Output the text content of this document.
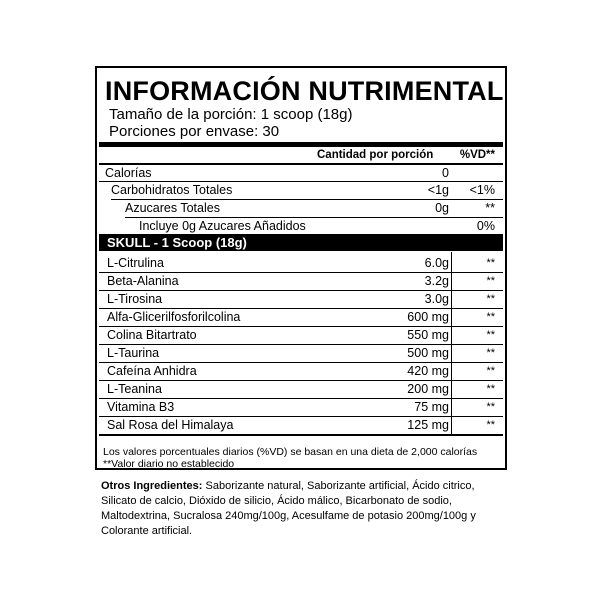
INFORMACIÓN NUTRIMENTAL
Tamaño de la porción: 1 scoop (18g)
Porciones por envase: 30
Cantidad por porción %VD**
Calorías	0
Carbohidratos Totales	<1g <1%
Azucares Totales	0g	**
Incluye 0g Azucares Añadidos	0%
SKULL - 1 Scoop (18g)
L-Citrulina	6.0g	**
Beta-Alanina	3.2g	**
L-Tirosina	3.0g	**
Alfa-Glicerilfosforilcolina	600 mg	**
Colina Bitartrato	550 mg	**
L-Taurina	500 mg	**
Cafeína Anhidra	420 mg	**
L-Teanina	200 mg	**
Vitamina B3	75 mg	**
Sal Rosa del Himalaya	125 mg	**
Los valores porcentuales diarios (%VD) se basan en una dieta de 2,000 calorías
**Valor diario no establecido
Otros Ingredientes: Saborizante natural, Saborizante artificial, Ácido citrico, Silicato de calcio, Dióxido de silicio, Ácido málico, Bicarbonato de sodio, Maltodextrina, Sucralosa 240mg/100g, Acesulfame de potasio 200mg/100g y Colorante artificial.
